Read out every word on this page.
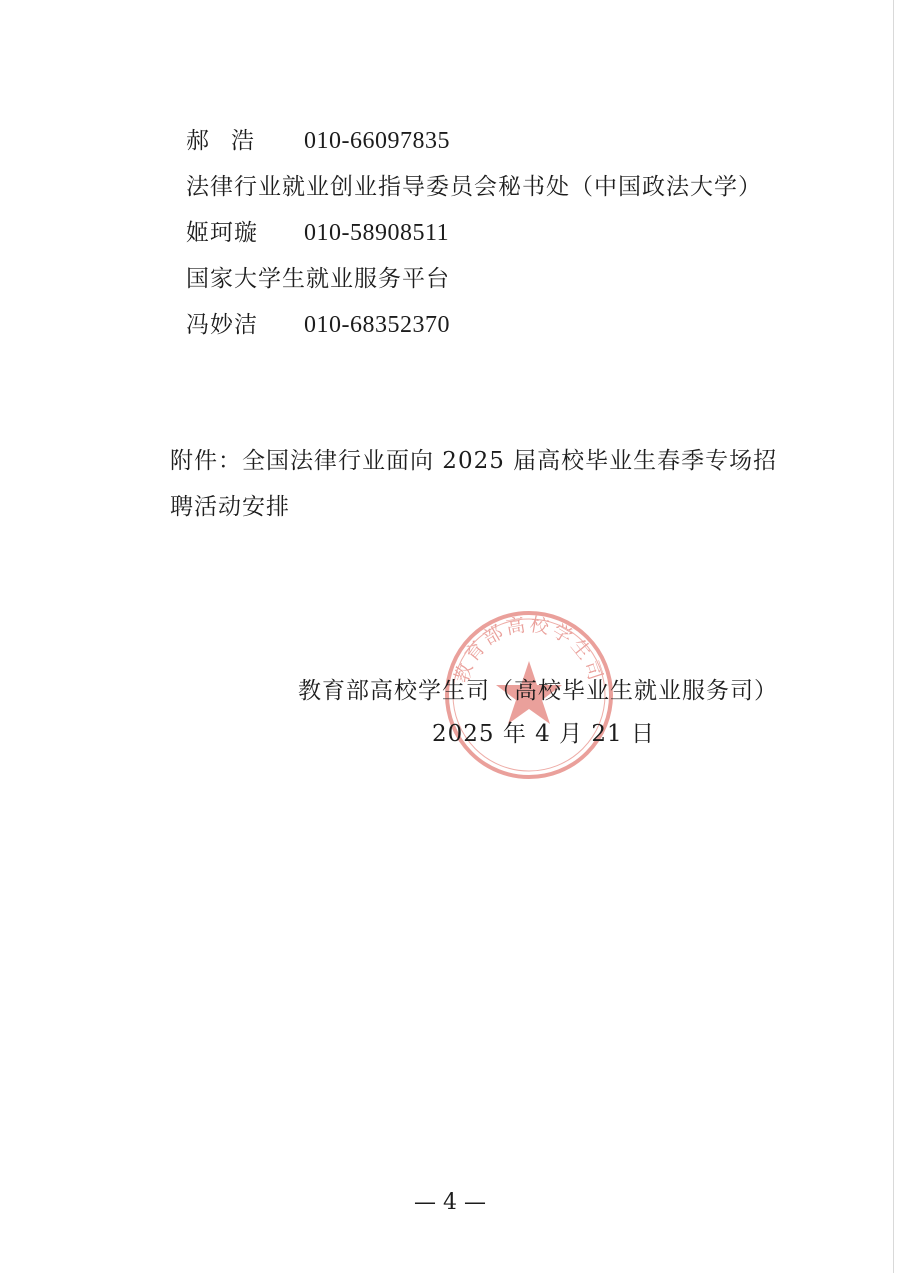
郝浩 010-66097835
法律行业就业创业指导委员会秘书处（中国政法大学）
姬珂璇 010-58908511
国家大学生就业服务平台
冯妙洁 010-68352370
附件：全国法律行业面向 2025 届高校毕业生春季专场招
聘活动安排
教育部高校学生司
教育部高校学生司（高校毕业生就业服务司）
2025 年 4 月 21 日
— 4 —
